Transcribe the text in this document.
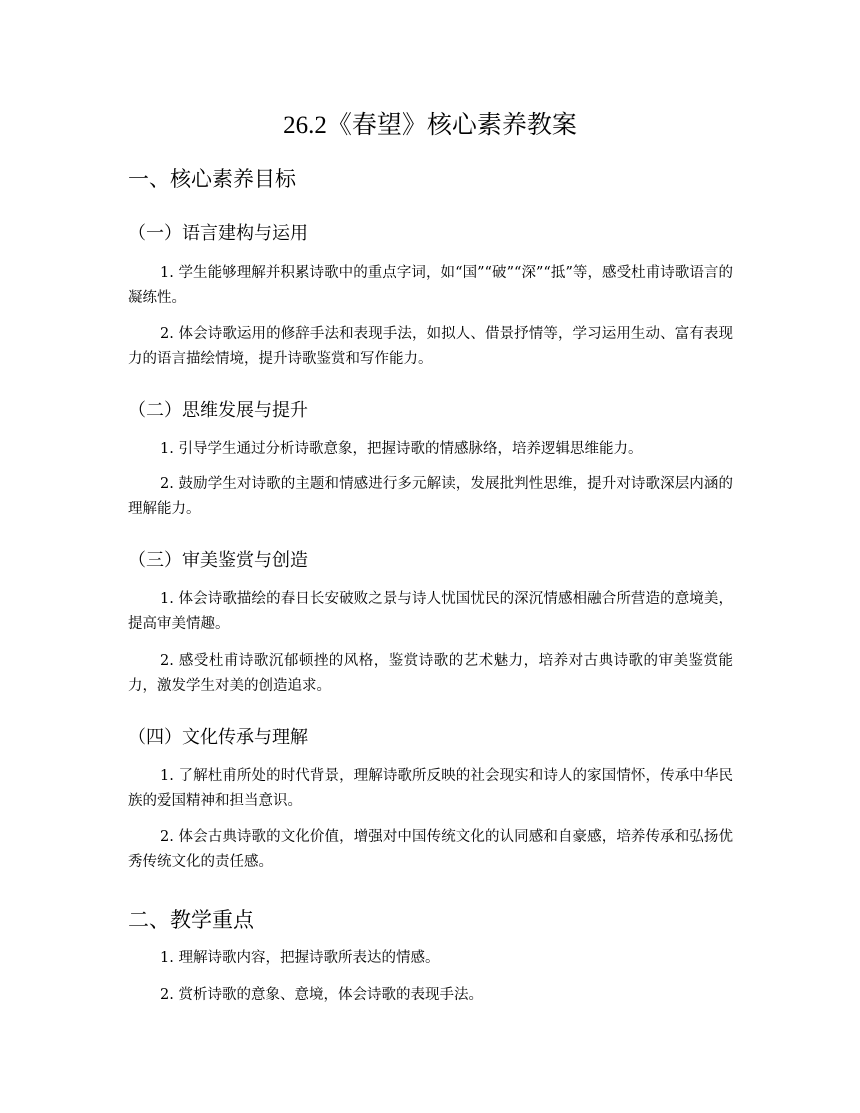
26.2《春望》核心素养教案
一、核心素养目标
（一）语言建构与运用
1. 学生能够理解并积累诗歌中的重点字词，如“国”“破”“深”“抵”等，感受杜甫诗歌语言的凝练性。
2. 体会诗歌运用的修辞手法和表现手法，如拟人、借景抒情等，学习运用生动、富有表现力的语言描绘情境，提升诗歌鉴赏和写作能力。
（二）思维发展与提升
1. 引导学生通过分析诗歌意象，把握诗歌的情感脉络，培养逻辑思维能力。
2. 鼓励学生对诗歌的主题和情感进行多元解读，发展批判性思维，提升对诗歌深层内涵的理解能力。
（三）审美鉴赏与创造
1. 体会诗歌描绘的春日长安破败之景与诗人忧国忧民的深沉情感相融合所营造的意境美，提高审美情趣。
2. 感受杜甫诗歌沉郁顿挫的风格，鉴赏诗歌的艺术魅力，培养对古典诗歌的审美鉴赏能力，激发学生对美的创造追求。
（四）文化传承与理解
1. 了解杜甫所处的时代背景，理解诗歌所反映的社会现实和诗人的家国情怀，传承中华民族的爱国精神和担当意识。
2. 体会古典诗歌的文化价值，增强对中国传统文化的认同感和自豪感，培养传承和弘扬优秀传统文化的责任感。
二、教学重点
1. 理解诗歌内容，把握诗歌所表达的情感。
2. 赏析诗歌的意象、意境，体会诗歌的表现手法。
